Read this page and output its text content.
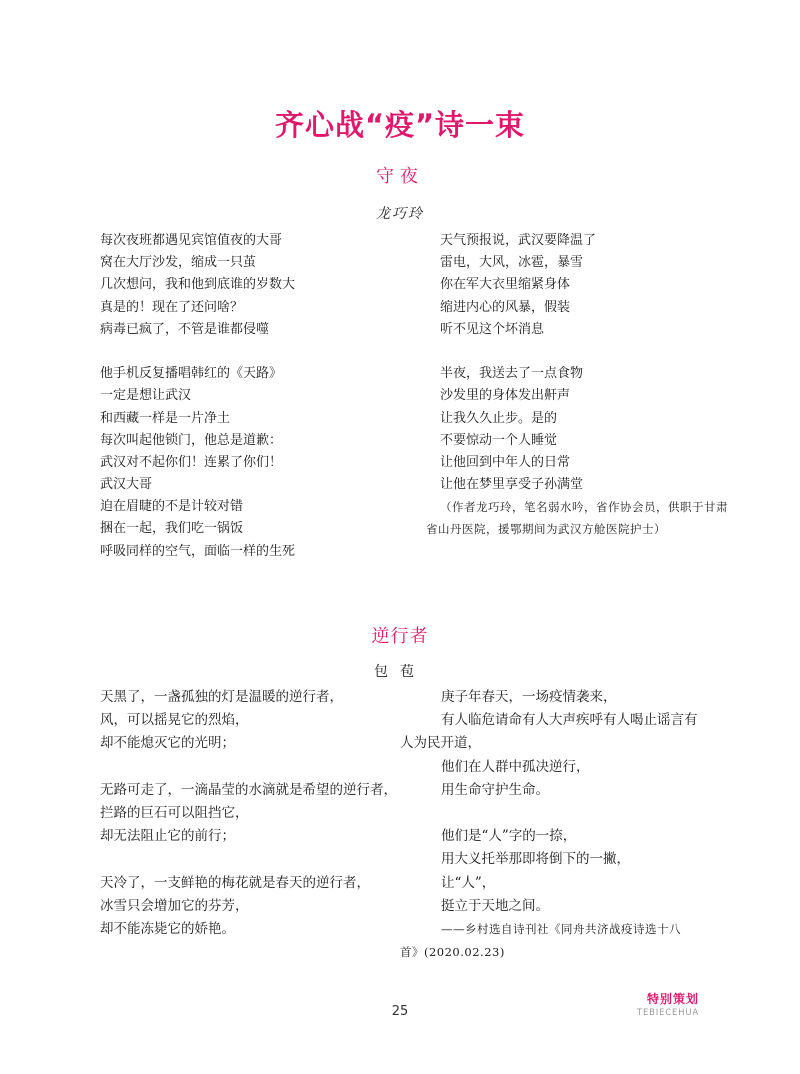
齐心战“疫”诗一束
守夜
龙巧玲
每次夜班都遇见宾馆值夜的大哥
窝在大厅沙发，缩成一只茧
几次想问，我和他到底谁的岁数大
真是的！现在了还问啥？
病毒已疯了，不管是谁都侵噬
他手机反复播唱韩红的《天路》
一定是想让武汉
和西藏一样是一片净土
每次叫起他锁门，他总是道歉：
武汉对不起你们！连累了你们！
武汉大哥
迫在眉睫的不是计较对错
捆在一起，我们吃一锅饭
呼吸同样的空气，面临一样的生死
天气预报说，武汉要降温了
雷电，大风，冰雹，暴雪
你在军大衣里缩紧身体
缩进内心的风暴，假装
听不见这个坏消息
半夜，我送去了一点食物
沙发里的身体发出鼾声
让我久久止步。是的
不要惊动一个人睡觉
让他回到中年人的日常
让他在梦里享受子孙满堂
（作者龙巧玲，笔名弱水吟，省作协会员，供职于甘肃
省山丹医院，援鄂期间为武汉方舱医院护士）
逆行者
包苞
天黑了，一盏孤独的灯是温暖的逆行者，
风，可以摇晃它的烈焰，
却不能熄灭它的光明；
无路可走了，一滴晶莹的水滴就是希望的逆行者，
拦路的巨石可以阻挡它，
却无法阻止它的前行；
天冷了，一支鲜艳的梅花就是春天的逆行者，
冰雪只会增加它的芬芳，
却不能冻毙它的娇艳。
庚子年春天，一场疫情袭来，
有人临危请命有人大声疾呼有人喝止谣言有
人为民开道，
他们在人群中孤决逆行，
用生命守护生命。
他们是“人”字的一捺，
用大义托举那即将倒下的一撇，
让“人”，
挺立于天地之间。
——乡村选自诗刊社《同舟共济战疫诗选十八
首》(2020.02.23)
25
特别策划
TEBIECEHUA
